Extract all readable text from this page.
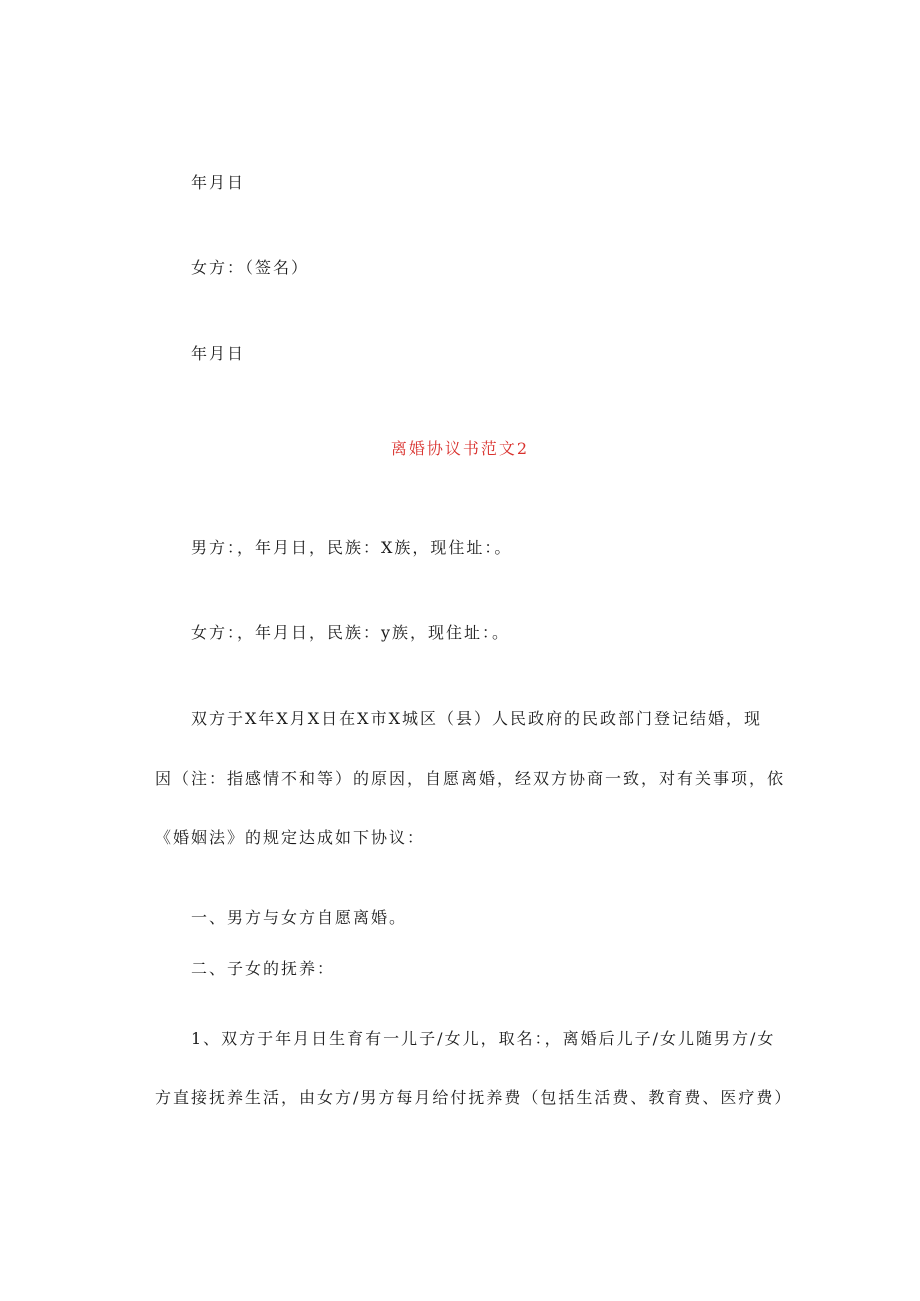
年月日

女方：（签名）

年月日

离婚协议书范文2

男方：，年月日，民族：X族，现住址：。

女方：，年月日，民族：y族，现住址：。

双方于X年X月X日在X市X城区（县）人民政府的民政部门登记结婚，现

因（注：指感情不和等）的原因，自愿离婚，经双方协商一致，对有关事项，依

《婚姻法》的规定达成如下协议：

一、男方与女方自愿离婚。

二、子女的抚养：

1、双方于年月日生育有一儿子/女儿，取名：，离婚后儿子/女儿随男方/女

方直接抚养生活，由女方/男方每月给付抚养费（包括生活费、教育费、医疗费）
